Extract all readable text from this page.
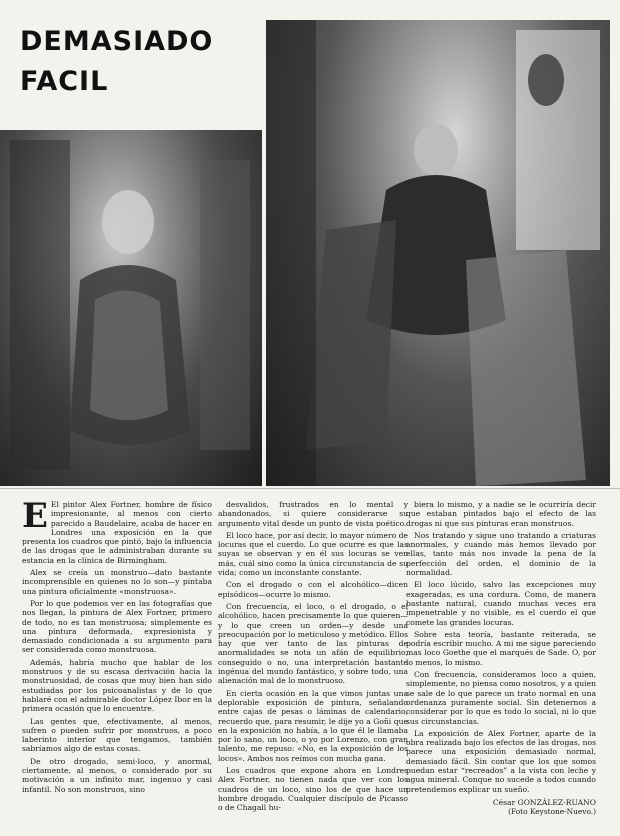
DEMASIADO
FACIL

E El pintor Alex Fortner, hombre de físico impresionante, al menos con cierto parecido a Baudelaire, acaba de hacer en Londres una exposición en la que presenta los cuadros que pintó, bajo la influencia de las drogas que le administraban durante su estancia en la clínica de Birmingham.

Alex se creía un monstruo—dato bastante incomprensible en quienes no lo son—y pintaba una pintura oficialmente «monstruosa».

Por lo que podemos ver en las fotografías que nos llegan, la pintura de Alex Fortner, primero de todo, no es tan monstruosa; simplemente es una pintura deformada, expresionista y demasiado condicionada a su argumento para ser considerada como monstruosa.

Además, habría mucho que hablar de los monstruos y de su escasa derivación hacia la monstruosidad, de cosas que muy bien han sido estudiadas por los psicoanalistas y de lo que hablaré con el admirable doctor López Ibor en la primera ocasión que lo encuentre.

Las gentes que, efectivamente, al menos, sufren o pueden sufrir por monstruos, a poco laberinto interior que tengamos, también sabríamos algo de estas cosas.

De otro drogado, semi-loco, y anormal, ciertamente, al menos, o considerado por su motivación a un infinito mar, ingenuo y casi infantil. No son monstruos, sino

desvalidos, frustrados en lo mental y abandonados, si quiere considerarse su argumento vital desde un punto de vista poético.

El loco hace, por así decir, lo mayor número de locuras que el cuerdo. Lo que ocurre es que las suyas se observan y en él sus locuras se ven más, cuál sino como la única circunstancia de su vida; como un inconstante constante.

Con el drogado o con el alcohólico—dicen episódicos—ocurre lo mismo.

Con frecuencia, el loco, o el drogado, o el alcohólico, hacen precisamente lo que quieren—y lo que creen un orden—y desde una preocupación por lo meticuloso y metódico. Ellos hay que ver tanto de las pinturas de anormalidades se nota un afán de equilibrio, conseguido o no, una interpretación bastante ingénua del mundo fantástico, y sobre todo, una alienación mal de lo monstruoso.

En cierta ocasión en la que vimos juntas una deplorable exposición de pintura, señalando entre cajas de pesas o láminas de calendario, recuerdo que, para resumir, le dije yo a Goñi que en la exposición no había, a lo que él le llamaba por lo sano, un loco, o yo por Lorenzo, con gran talento, me repuso: «No, es la exposición de los locos». Ambos nos reímos con mucha gana.

Los cuadros que expone ahora en Londres Alex Fortner, no tienen nada que ver con los cuadros de un loco, sino los de que hace un hombre drogado. Cualquier discípulo de Picasso o de Chagall hu-

biera lo mismo, y a nadie se le ocurriría decir que estaban pintados bajo el efecto de las drogas ni que sus pinturas eran monstruos.

Nos tratando y sigue uno tratando a criaturas anormales, y cuando más hemos llevado por ellas, tanto más nos invade la pena de la perfección del orden, el dominio de la normalidad.

El loco lúcido, salvo las excepciones muy exageradas, es una cordura. Como, de manera bastante natural, cuando muchas veces era impenetrable y no visible, es el cuerdo el que comete las grandes locuras.

Sobre esta teoría, bastante reiterada, se podría escribir mucho. A mi me sigue pareciendo mas loco Goethe que el marqués de Sade. O, por lo menos, lo mismo.

Con frecuencia, consideramos loco a quien, simplemente, no piensa como nosotros, y a quien se sale de lo que parece un trato normal en una ordenanza puramente social. Sin detenernos a considerar por lo que es todo lo social, ni lo que sus circunstancias.

La exposición de Alex Fortner, aparte de la obra realizada bajo los efectos de las drogas, nos parece una exposición demasiado normal, demasiado fácil. Sin contar que los que somos puedan estar “recreados” a la vista con leche y agua mineral. Conque no sucede a todos cuando pretendemos explicar un sueño.

César GONZÁLEZ-RUANO
(Foto Keystone-Nuevo.)
